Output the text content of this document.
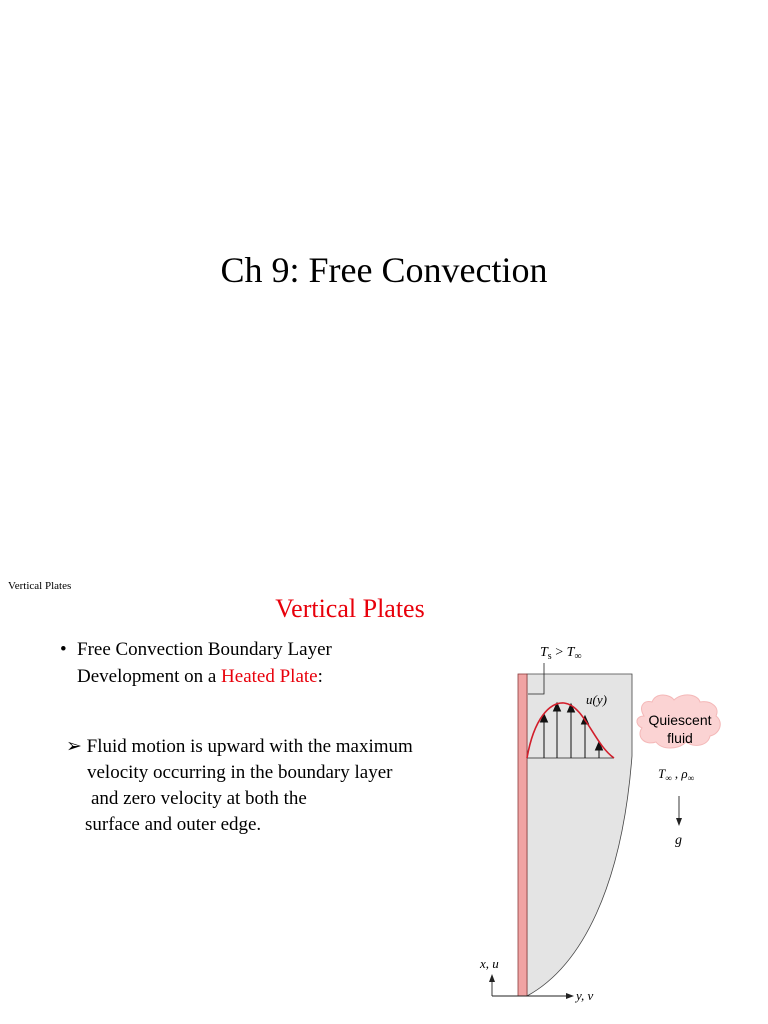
Ch 9: Free Convection
Vertical Plates
Vertical Plates
• Free Convection Boundary Layer
Development on a Heated Plate:
➢ Fluid motion is upward with the maximum
velocity occurring in the boundary layer
and zero velocity at both the
surface and outer edge.
$T_s > T_\infty$
u(y)
Quiescent
fluid
$T_\infty$ , $\rho_\infty$
g
x, u
y, v
